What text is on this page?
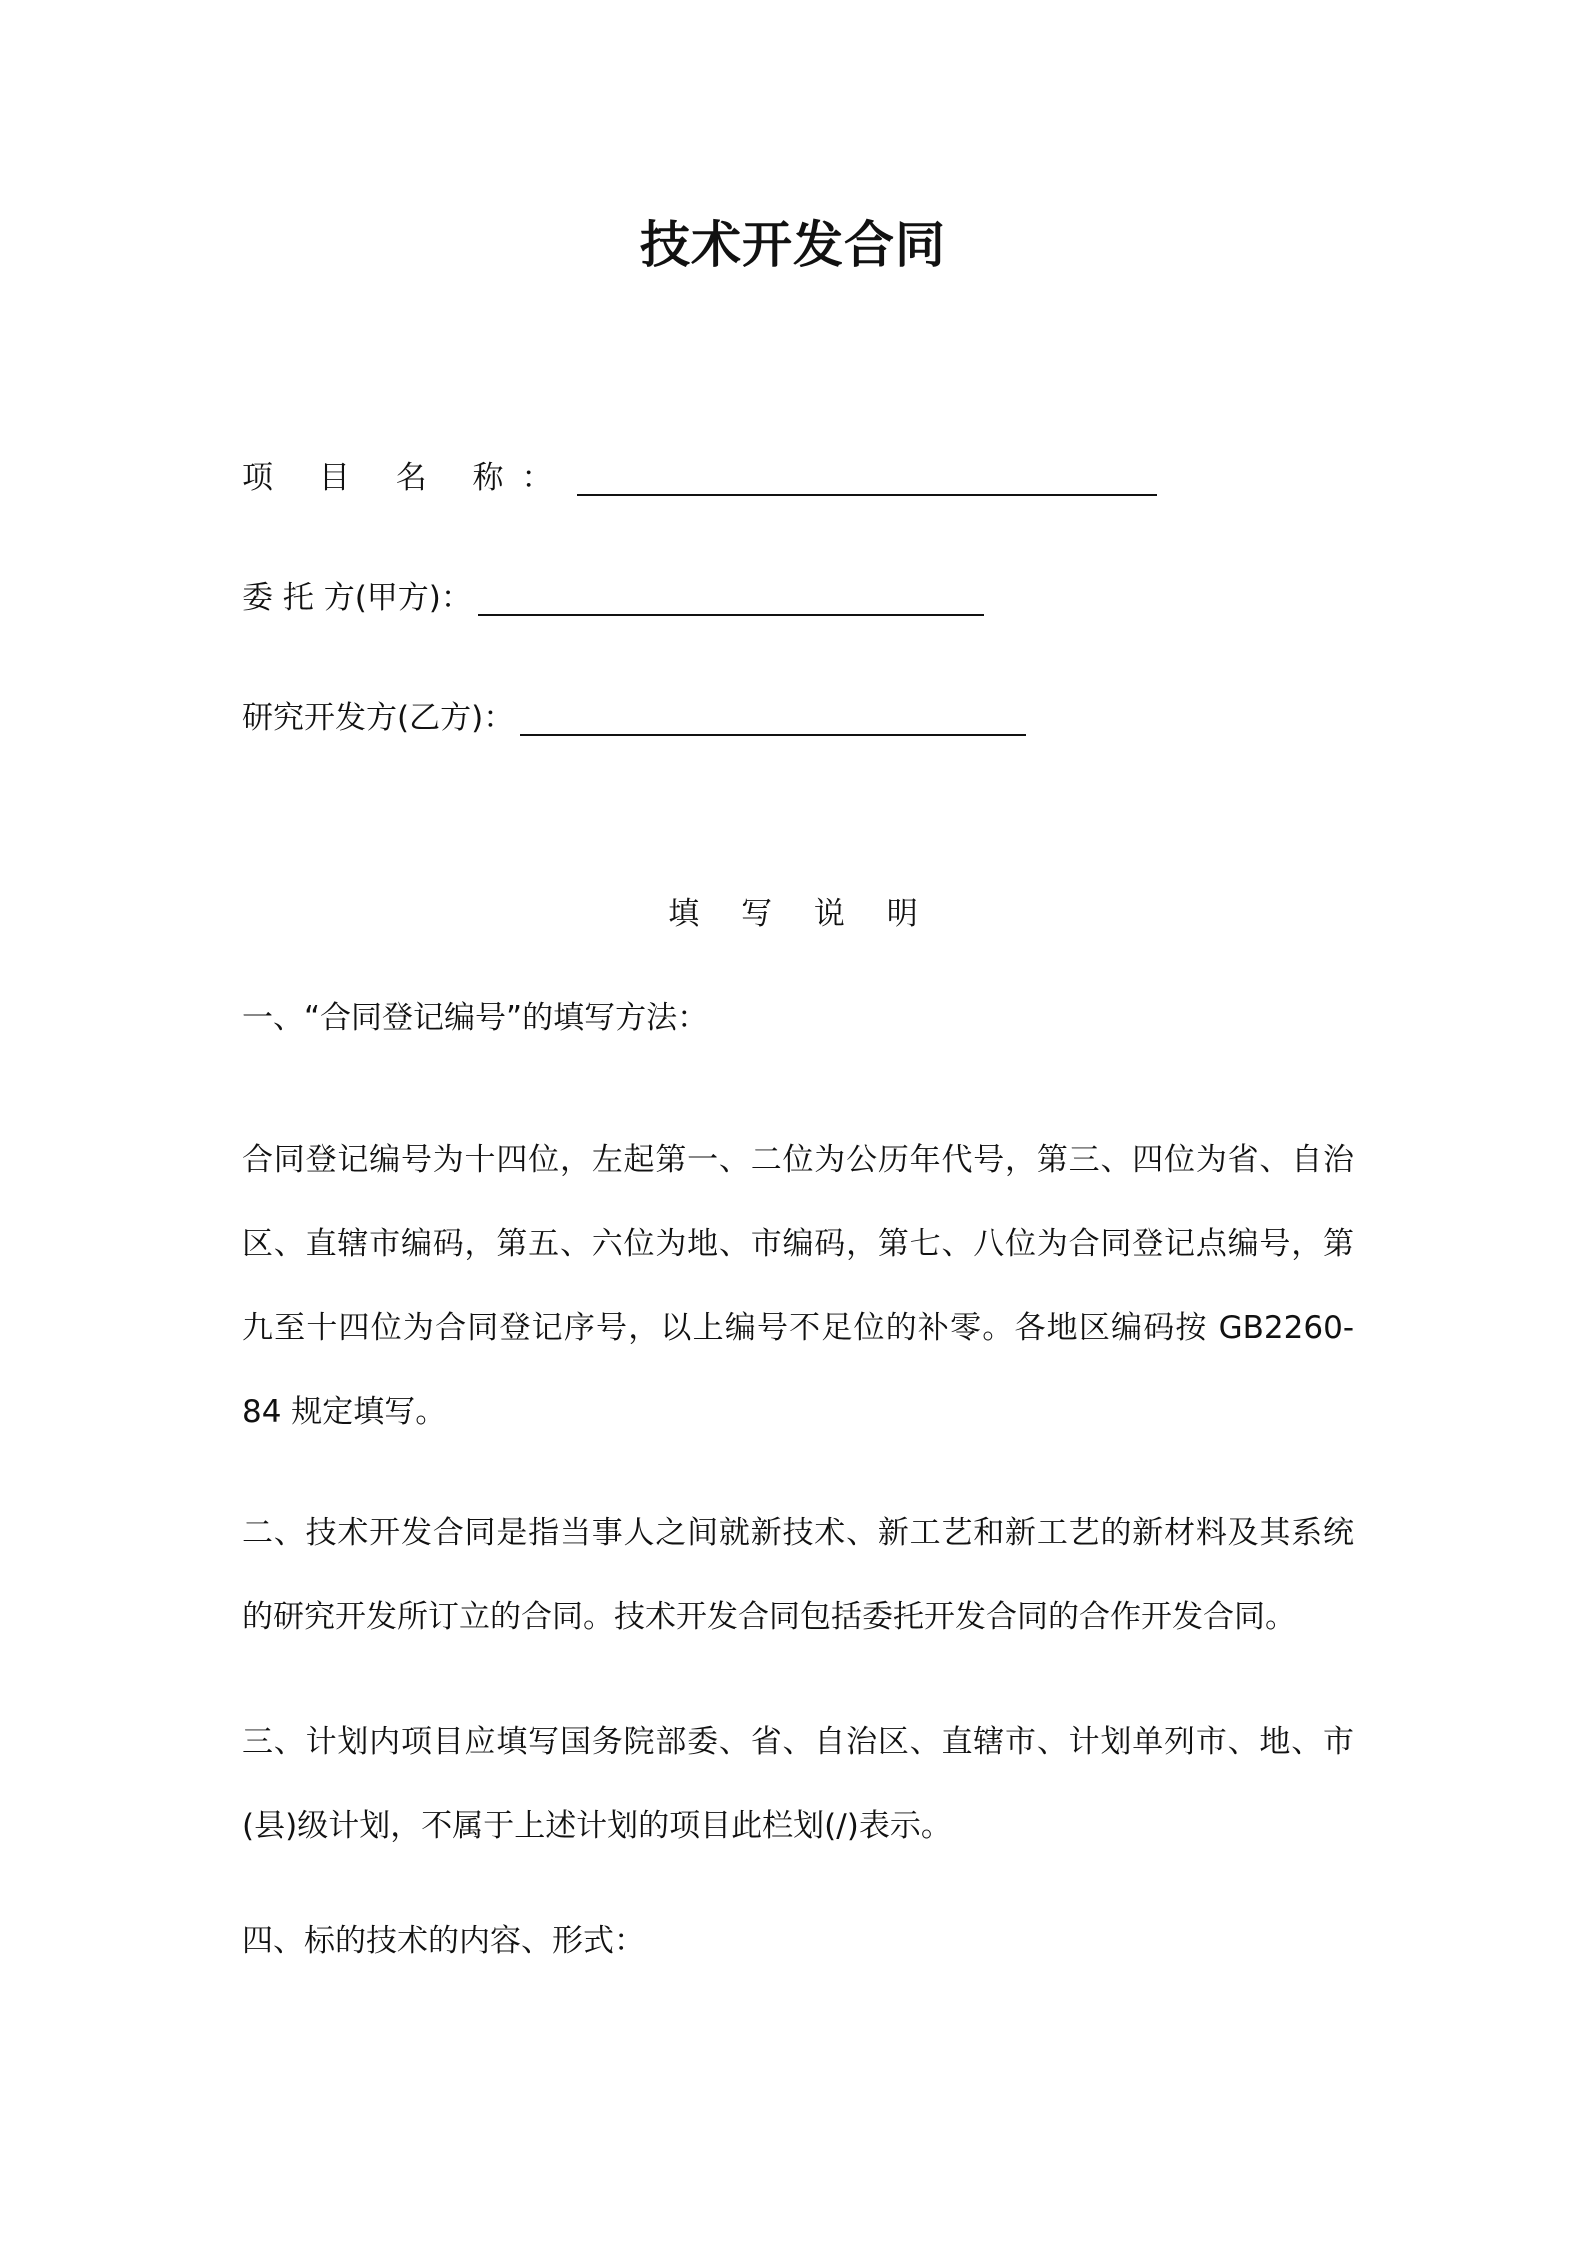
技术开发合同
项 目 名 称：
委 托 方(甲方)：
研究开发方(乙方)：
填 写 说 明

一、“合同登记编号”的填写方法：

合同登记编号为十四位，左起第一、二位为公历年代号，第三、四位为省、自治区、直辖市编码，第五、六位为地、市编码，第七、八位为合同登记点编号，第九至十四位为合同登记序号，以上编号不足位的补零。各地区编码按 GB2260-84 规定填写。

二、技术开发合同是指当事人之间就新技术、新工艺和新工艺的新材料及其系统的研究开发所订立的合同。技术开发合同包括委托开发合同的合作开发合同。

三、计划内项目应填写国务院部委、省、自治区、直辖市、计划单列市、地、市(县)级计划，不属于上述计划的项目此栏划(/)表示。

四、标的技术的内容、形式：
